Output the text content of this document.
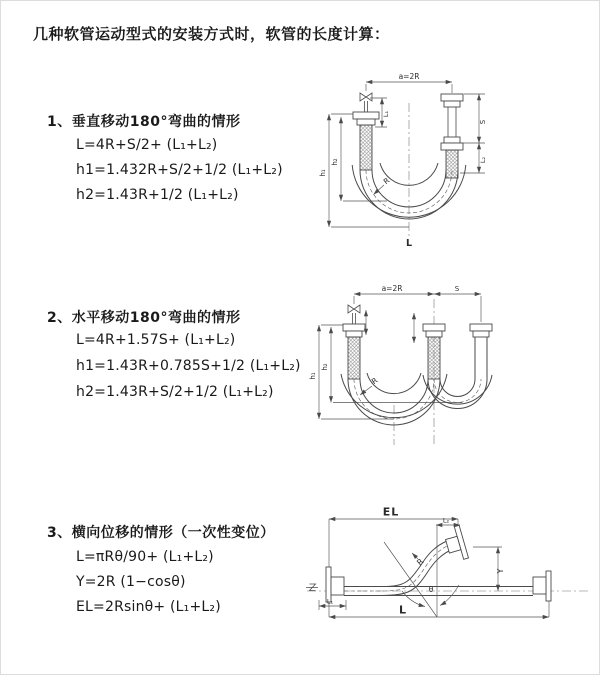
几种软管运动型式的安装方式时，软管的长度计算：
1、垂直移动180°弯曲的情形
L=4R+S/2+ (L₁+L₂)
h1=1.432R+S/2+1/2 (L₁+L₂)
h2=1.43R+1/2 (L₁+L₂)
2、水平移动180°弯曲的情形
L=4R+1.57S+ (L₁+L₂)
h1=1.43R+0.785S+1/2 (L₁+L₂)
h2=1.43R+S/2+1/2 (L₁+L₂)
3、横向位移的情形（一次性变位）
L=πRθ/90+ (L₁+L₂)
Y=2R (1−cosθ)
EL=2Rsinθ+ (L₁+L₂)
a=2R
S
L₂
L₁
h₁
h₂
R
L
a=2R	S
h₁
h₂
R
EL
L₂
θ
Y
R
L
L₁
